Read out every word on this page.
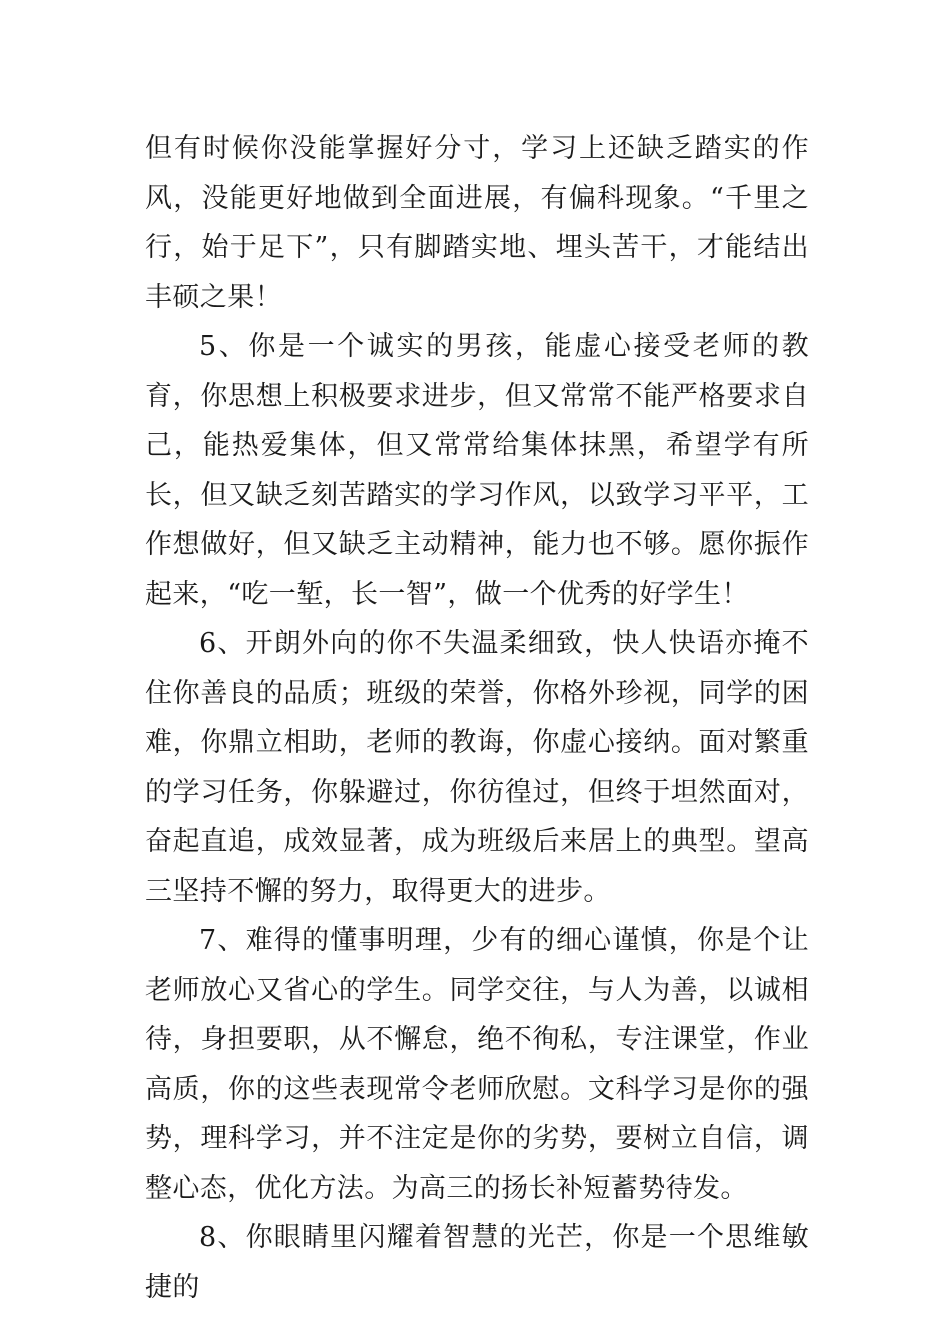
但有时候你没能掌握好分寸，学习上还缺乏踏实的作风，没能更好地做到全面进展，有偏科现象。“千里之行，始于足下”，只有脚踏实地、埋头苦干，才能结出丰硕之果！

5、你是一个诚实的男孩，能虚心接受老师的教育，你思想上积极要求进步，但又常常不能严格要求自己，能热爱集体，但又常常给集体抹黑，希望学有所长，但又缺乏刻苦踏实的学习作风，以致学习平平，工作想做好，但又缺乏主动精神，能力也不够。愿你振作起来，“吃一堑，长一智”，做一个优秀的好学生！

6、开朗外向的你不失温柔细致，快人快语亦掩不住你善良的品质；班级的荣誉，你格外珍视，同学的困难，你鼎立相助，老师的教诲，你虚心接纳。面对繁重的学习任务，你躲避过，你彷徨过，但终于坦然面对，奋起直追，成效显著，成为班级后来居上的典型。望高三坚持不懈的努力，取得更大的进步。

7、难得的懂事明理，少有的细心谨慎，你是个让老师放心又省心的学生。同学交往，与人为善，以诚相待，身担要职，从不懈怠，绝不徇私，专注课堂，作业高质，你的这些表现常令老师欣慰。文科学习是你的强势，理科学习，并不注定是你的劣势，要树立自信，调整心态，优化方法。为高三的扬长补短蓄势待发。

8、你眼睛里闪耀着智慧的光芒，你是一个思维敏捷的
